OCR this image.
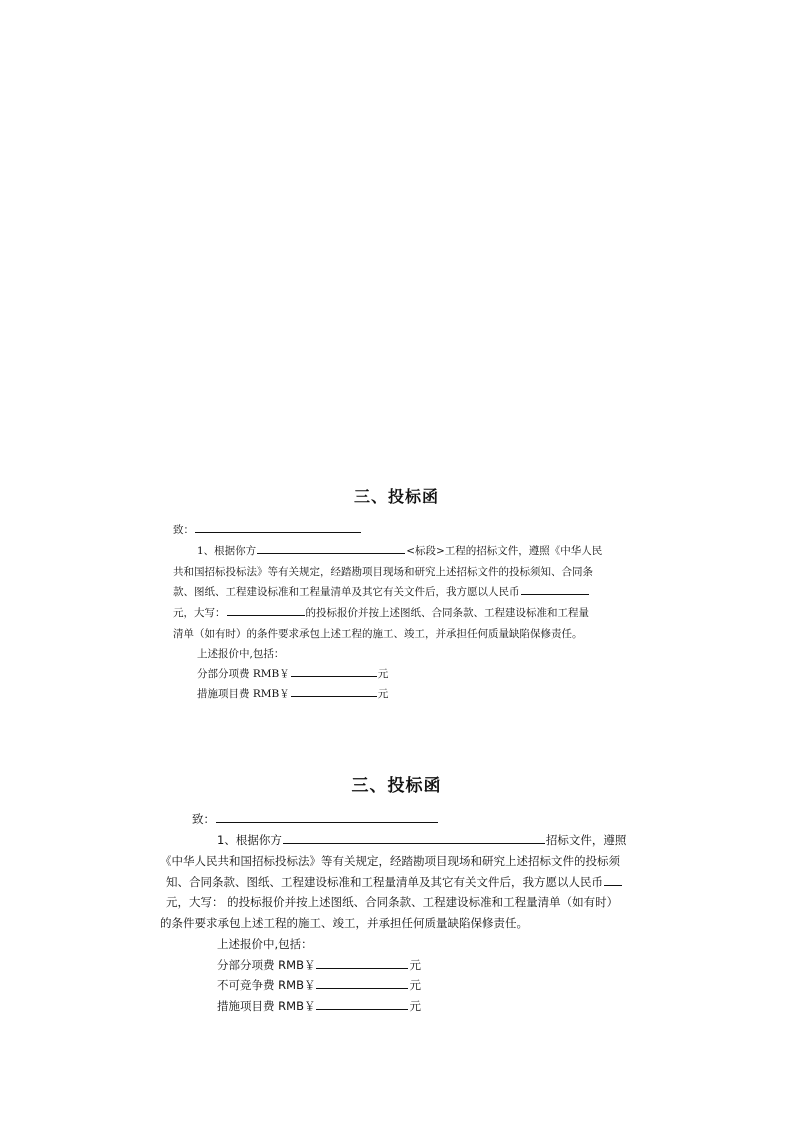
三、投标函
致：
1、根据你方	<标段>工程的招标文件，遵照《中华人民
共和国招标投标法》等有关规定，经踏勘项目现场和研究上述招标文件的投标须知、合同条
款、图纸、工程建设标准和工程量清单及其它有关文件后，我方愿以人民币
元，大写：	的投标报价并按上述图纸、合同条款、工程建设标准和工程量
清单（如有时）的条件要求承包上述工程的施工、竣工，并承担任何质量缺陷保修责任。
上述报价中,包括：
分部分项费 RMB￥	元
措施项目费 RMB￥	元
三、投标函
致：
1、根据你方	招标文件，遵照
《中华人民共和国招标投标法》等有关规定，经踏勘项目现场和研究上述招标文件的投标须
知、合同条款、图纸、工程建设标准和工程量清单及其它有关文件后，我方愿以人民币
元，大写： 的投标报价并按上述图纸、合同条款、工程建设标准和工程量清单（如有时）
的条件要求承包上述工程的施工、竣工，并承担任何质量缺陷保修责任。
上述报价中,包括：
分部分项费 RMB￥	元
不可竞争费 RMB￥	元
措施项目费 RMB￥	元
